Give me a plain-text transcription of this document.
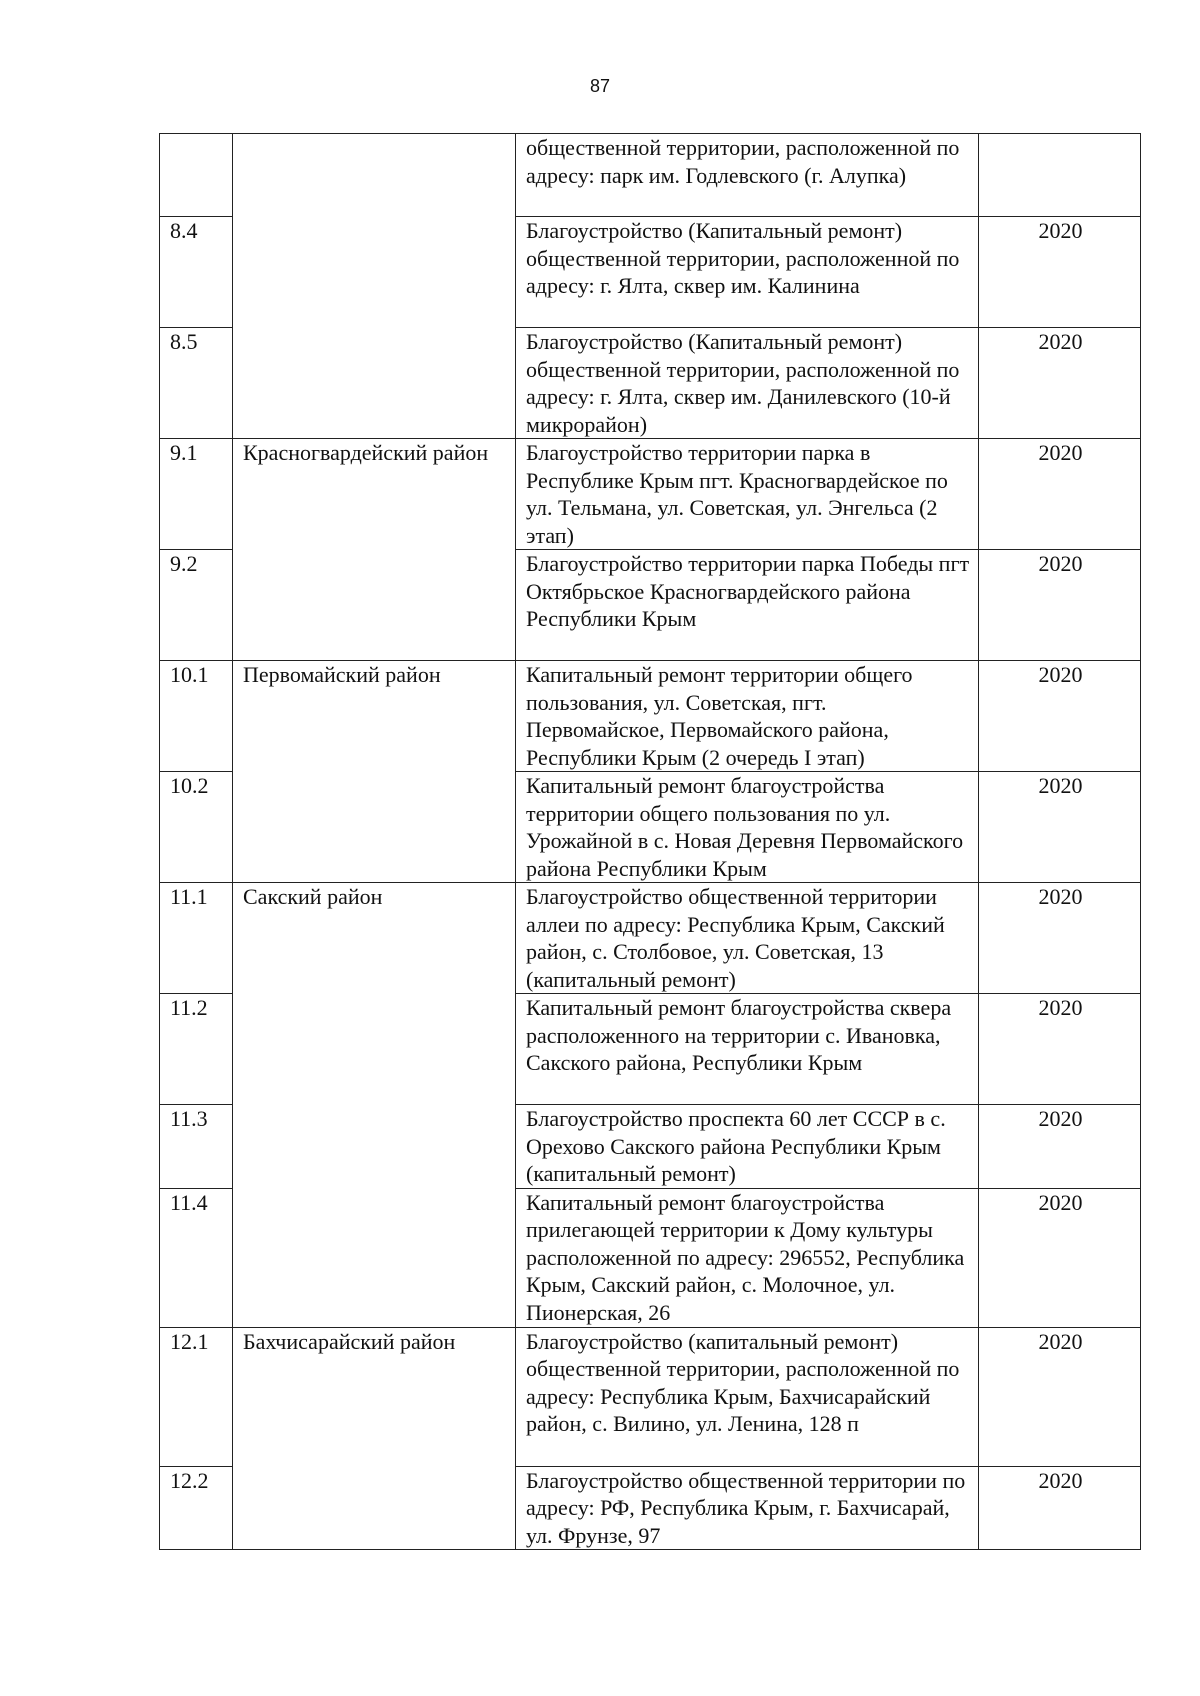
87
		общественной территории, расположенной по адресу: парк им. Годлевского (г. Алупка)	
8.4		Благоустройство (Капитальный ремонт) общественной территории, расположенной по адресу: г. Ялта, сквер им. Калинина	2020
8.5		Благоустройство (Капитальный ремонт) общественной территории, расположенной по адресу: г. Ялта, сквер им. Данилевского (10-й микрорайон)	2020
9.1	Красногвардейский район	Благоустройство территории парка в Республике Крым пгт. Красногвардейское по ул. Тельмана, ул. Советская, ул. Энгельса (2 этап)	2020
9.2		Благоустройство территории парка Победы пгт Октябрьское Красногвардейского района Республики Крым	2020
10.1	Первомайский район	Капитальный ремонт территории общего пользования, ул. Советская, пгт. Первомайское, Первомайского района, Республики Крым (2 очередь I этап)	2020
10.2		Капитальный ремонт благоустройства территории общего пользования по ул. Урожайной в с. Новая Деревня Первомайского района Республики Крым	2020
11.1	Сакский район	Благоустройство общественной территории аллеи по адресу: Республика Крым, Сакский район, с. Столбовое, ул. Советская, 13 (капитальный ремонт)	2020
11.2		Капитальный ремонт благоустройства сквера расположенного на территории с. Ивановка, Сакского района, Республики Крым	2020
11.3		Благоустройство проспекта 60 лет СССР в с. Орехово Сакского района Республики Крым (капитальный ремонт)	2020
11.4		Капитальный ремонт благоустройства прилегающей территории к Дому культуры расположенной по адресу: 296552, Республика Крым, Сакский район, с. Молочное, ул. Пионерская, 26	2020
12.1	Бахчисарайский район	Благоустройство (капитальный ремонт) общественной территории, расположенной по адресу: Республика Крым, Бахчисарайский район, с. Вилино, ул. Ленина, 128 п	2020
12.2		Благоустройство общественной территории по адресу: РФ, Республика Крым, г. Бахчисарай, ул. Фрунзе, 97	2020
